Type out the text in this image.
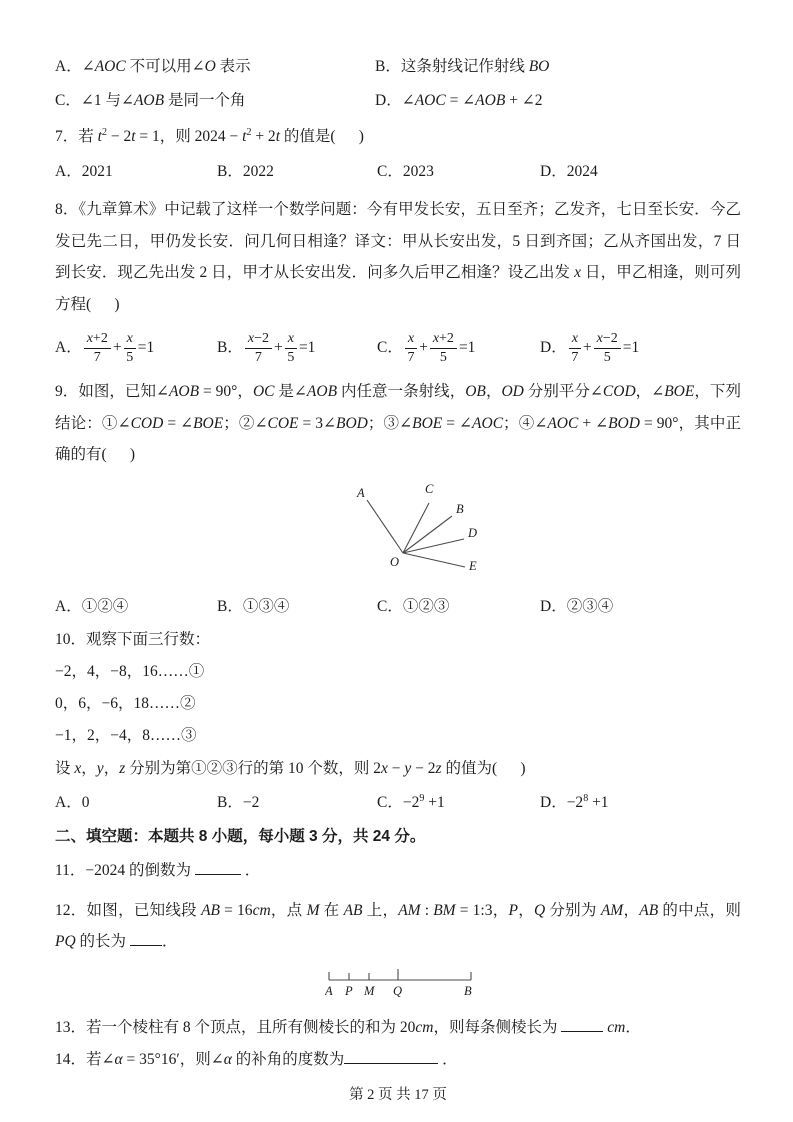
A．∠AOC 不可以用∠O 表示	B．这条射线记作射线 BO
C．∠1 与∠AOB 是同一个角	D．∠AOC = ∠AOB + ∠2
7．若 $t^2 - 2t = 1$，则 $2024 - t^2 + 2t$ 的值是(      )
A．2021	B．2022	C．2023	D．2024
8．《九章算术》中记载了这样一个数学问题：今有甲发长安，五日至齐；乙发齐，七日至长安．今乙发已先二日，甲仍发长安．问几何日相逢？译文：甲从长安出发，5 日到齐国；乙从齐国出发，7 日到长安．现乙先出发 2 日，甲才从长安出发．问多久后甲乙相逢？设乙出发 x 日，甲乙相逢，则可列方程(      )
A． $\frac{x+2}{7} + \frac{x}{5} =1$	B． $\frac{x-2}{7} + \frac{x}{5} =1$	C． $\frac{x}{7} + \frac{x+2}{5} =1$	D． $\frac{x}{7} + \frac{x-2}{5} =1$
9．如图，已知∠AOB = 90°，OC 是∠AOB 内任意一条射线，OB，OD 分别平分∠COD，∠BOE，下列结论：①∠COD = ∠BOE；②∠COE = 3∠BOD；③∠BOE = ∠AOC；④∠AOC + ∠BOD = 90°，其中正确的有(      )
A	C
B
D
E
O
A．①②④	B．①③④	C．①②③	D．②③④
10．观察下面三行数：
−2，4，−8，16……①
0，6，−6，18……②
−1，2，−4，8……③
设 x，y，z 分别为第①②③行的第 10 个数，则 2x − y − 2z 的值为(      )
A．0	B．−2	C．$-2^9 +1$	D．$-2^8 +1$
二、填空题：本题共 8 小题，每小题 3 分，共 24 分。
11．−2024 的倒数为	．
12．如图，已知线段 AB = 16cm，点 M 在 AB 上，AM : BM = 1:3，P，Q 分别为 AM，AB 的中点，则 PQ 的长为 ．
A P M Q	B
13．若一个棱柱有 8 个顶点，且所有侧棱长的和为 20cm，则每条侧棱长为	cm．
14．若∠α = 35°16′，则∠α 的补角的度数为	．
第 2 页 共 17 页
